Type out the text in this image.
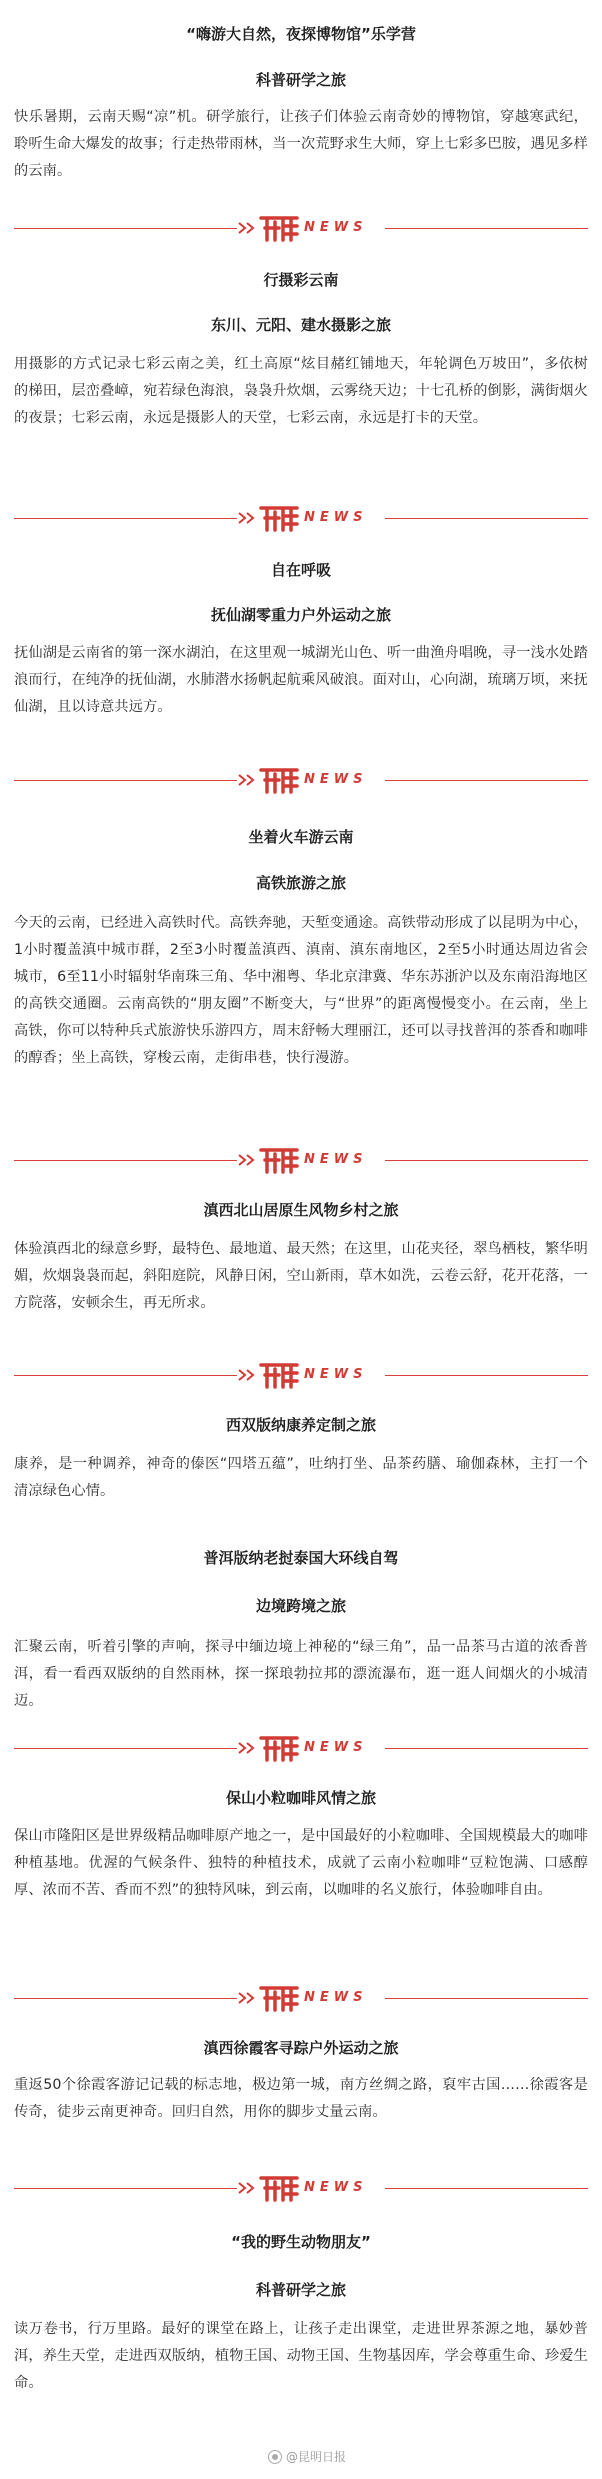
“嗨游大自然，夜探博物馆”乐学营
科普研学之旅
快乐暑期，云南天赐“凉”机。研学旅行，让孩子们体验云南奇妙的博物馆，穿越寒武纪，聆听生命大爆发的故事；行走热带雨林，当一次荒野求生大师，穿上七彩多巴胺，遇见多样的云南。
NEWS
行摄彩云南
东川、元阳、建水摄影之旅
用摄影的方式记录七彩云南之美，红土高原“炫目赭红铺地天，年轮调色万坡田”，多依树的梯田，层峦叠嶂，宛若绿色海浪，袅袅升炊烟，云雾绕天边；十七孔桥的倒影，满街烟火的夜景；七彩云南，永远是摄影人的天堂，七彩云南，永远是打卡的天堂。
NEWS
自在呼吸
抚仙湖零重力户外运动之旅
抚仙湖是云南省的第一深水湖泊，在这里观一城湖光山色、听一曲渔舟唱晚，寻一浅水处踏浪而行，在纯净的抚仙湖，水肺潜水扬帆起航乘风破浪。面对山，心向湖，琉璃万顷，来抚仙湖，且以诗意共远方。
NEWS
坐着火车游云南
高铁旅游之旅
今天的云南，已经进入高铁时代。高铁奔驰，天堑变通途。高铁带动形成了以昆明为中心，1小时覆盖滇中城市群，2至3小时覆盖滇西、滇南、滇东南地区，2至5小时通达周边省会城市，6至11小时辐射华南珠三角、华中湘粤、华北京津冀、华东苏浙沪以及东南沿海地区的高铁交通圈。云南高铁的“朋友圈”不断变大，与“世界”的距离慢慢变小。在云南，坐上高铁，你可以特种兵式旅游快乐游四方，周末舒畅大理丽江，还可以寻找普洱的茶香和咖啡的醇香；坐上高铁，穿梭云南，走街串巷，快行漫游。
NEWS
滇西北山居原生风物乡村之旅
体验滇西北的绿意乡野，最特色、最地道、最天然；在这里，山花夹径，翠鸟栖枝，繁华明媚，炊烟袅袅而起，斜阳庭院，风静日闲，空山新雨，草木如洗，云卷云舒，花开花落，一方院落，安顿余生，再无所求。
NEWS
西双版纳康养定制之旅
康养，是一种调养，神奇的傣医“四塔五蕴”，吐纳打坐、品茶药膳、瑜伽森林，主打一个清凉绿色心情。
普洱版纳老挝泰国大环线自驾
边境跨境之旅
汇聚云南，听着引擎的声响，探寻中缅边境上神秘的“绿三角”，品一品茶马古道的浓香普洱，看一看西双版纳的自然雨林，探一探琅勃拉邦的漂流瀑布，逛一逛人间烟火的小城清迈。
NEWS
保山小粒咖啡风情之旅
保山市隆阳区是世界级精品咖啡原产地之一，是中国最好的小粒咖啡、全国规模最大的咖啡种植基地。优渥的气候条件、独特的种植技术，成就了云南小粒咖啡“豆粒饱满、口感醇厚、浓而不苦、香而不烈”的独特风味，到云南，以咖啡的名义旅行，体验咖啡自由。
NEWS
滇西徐霞客寻踪户外运动之旅
重返50个徐霞客游记记载的标志地，极边第一城，南方丝绸之路，裒牢古国……徐霞客是传奇，徒步云南更神奇。回归自然，用你的脚步丈量云南。
NEWS
“我的野生动物朋友”
科普研学之旅
读万卷书，行万里路。最好的课堂在路上，让孩子走出课堂，走进世界茶源之地，暴妙普洱，养生天堂，走进西双版纳，植物王国、动物王国、生物基因库，学会尊重生命、珍爱生命。
@昆明日报
